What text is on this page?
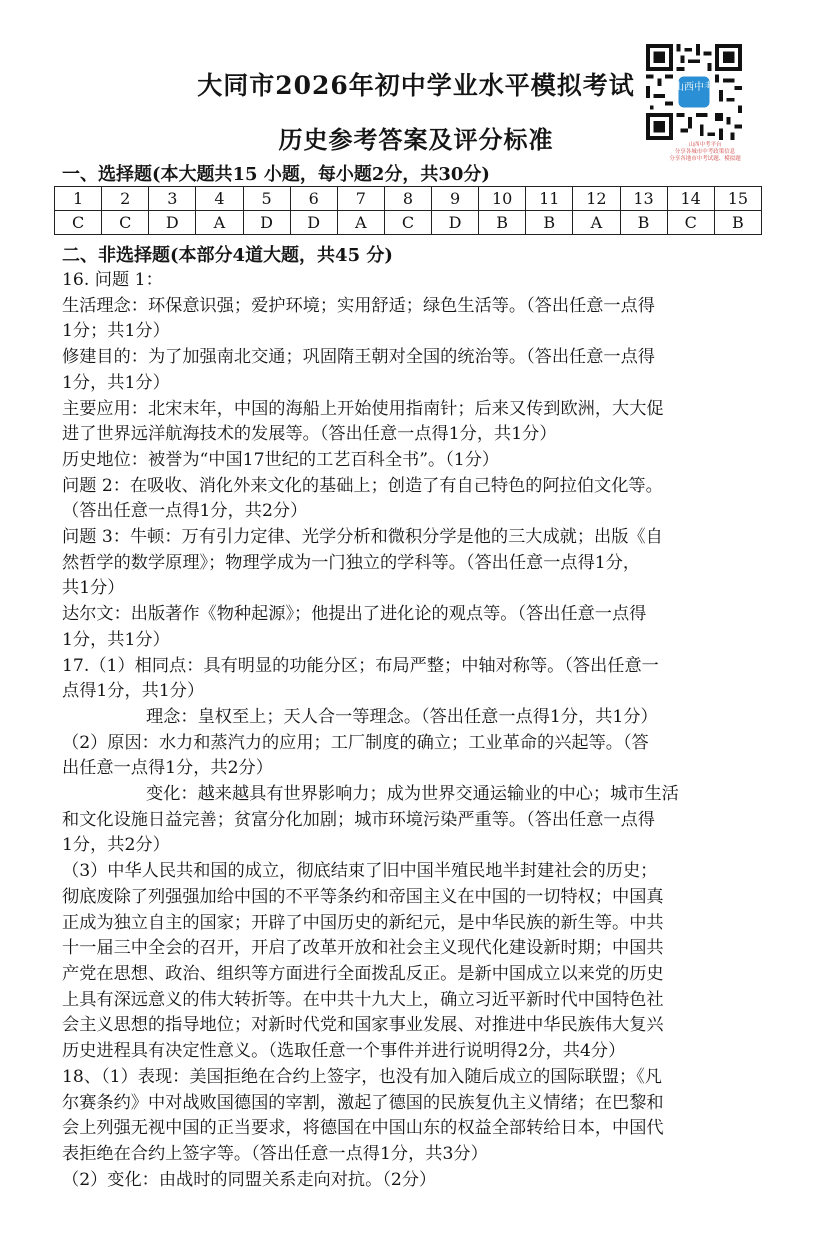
大同市2026年初中学业水平模拟考试
历史参考答案及评分标准
山西中考
山西中考平台
分享各城市中考政策信息
分享各地市中考试题、模拟题
一、选择题(本大题共15 小题，每小题2分，共30分)
1	2	3	4	5	6	7	8	9	10	11	12	13	14	15
C	C	D	A	D	D	A	C	D	B	B	A	B	C	B
二、非选择题(本部分4道大题，共45 分)

16. 问题 1：

生活理念：环保意识强；爱护环境；实用舒适；绿色生活等。（答出任意一点得

1分；共1分）

修建目的：为了加强南北交通；巩固隋王朝对全国的统治等。（答出任意一点得

1分，共1分）

主要应用：北宋末年，中国的海船上开始使用指南针；后来又传到欧洲，大大促

进了世界远洋航海技术的发展等。（答出任意一点得1分，共1分）

历史地位：被誉为“中国17世纪的工艺百科全书”。（1分）

问题 2：在吸收、消化外来文化的基础上；创造了有自己特色的阿拉伯文化等。

（答出任意一点得1分，共2分）

问题 3：牛顿：万有引力定律、光学分析和微积分学是他的三大成就；出版《自

然哲学的数学原理》；物理学成为一门独立的学科等。（答出任意一点得1分，

共1分）

达尔文：出版著作《物种起源》；他提出了进化论的观点等。（答出任意一点得

1分，共1分）

17.（1）相同点：具有明显的功能分区；布局严整；中轴对称等。（答出任意一

点得1分，共1分）

理念：皇权至上；天人合一等理念。（答出任意一点得1分，共1分）

（2）原因：水力和蒸汽力的应用；工厂制度的确立；工业革命的兴起等。（答

出任意一点得1分，共2分）

变化：越来越具有世界影响力；成为世界交通运输业的中心；城市生活

和文化设施日益完善；贫富分化加剧；城市环境污染严重等。（答出任意一点得

1分，共2分）

（3）中华人民共和国的成立，彻底结束了旧中国半殖民地半封建社会的历史；

彻底废除了列强强加给中国的不平等条约和帝国主义在中国的一切特权；中国真

正成为独立自主的国家；开辟了中国历史的新纪元，是中华民族的新生等。中共

十一届三中全会的召开，开启了改革开放和社会主义现代化建设新时期；中国共

产党在思想、政治、组织等方面进行全面拨乱反正。是新中国成立以来党的历史

上具有深远意义的伟大转折等。在中共十九大上，确立习近平新时代中国特色社

会主义思想的指导地位；对新时代党和国家事业发展、对推进中华民族伟大复兴

历史进程具有决定性意义。（选取任意一个事件并进行说明得2分，共4分）

18、（1）表现：美国拒绝在合约上签字，也没有加入随后成立的国际联盟；《凡

尔赛条约》中对战败国德国的宰割，激起了德国的民族复仇主义情绪；在巴黎和

会上列强无视中国的正当要求，将德国在中国山东的权益全部转给日本，中国代

表拒绝在合约上签字等。（答出任意一点得1分，共3分）

（2）变化：由战时的同盟关系走向对抗。（2分）
